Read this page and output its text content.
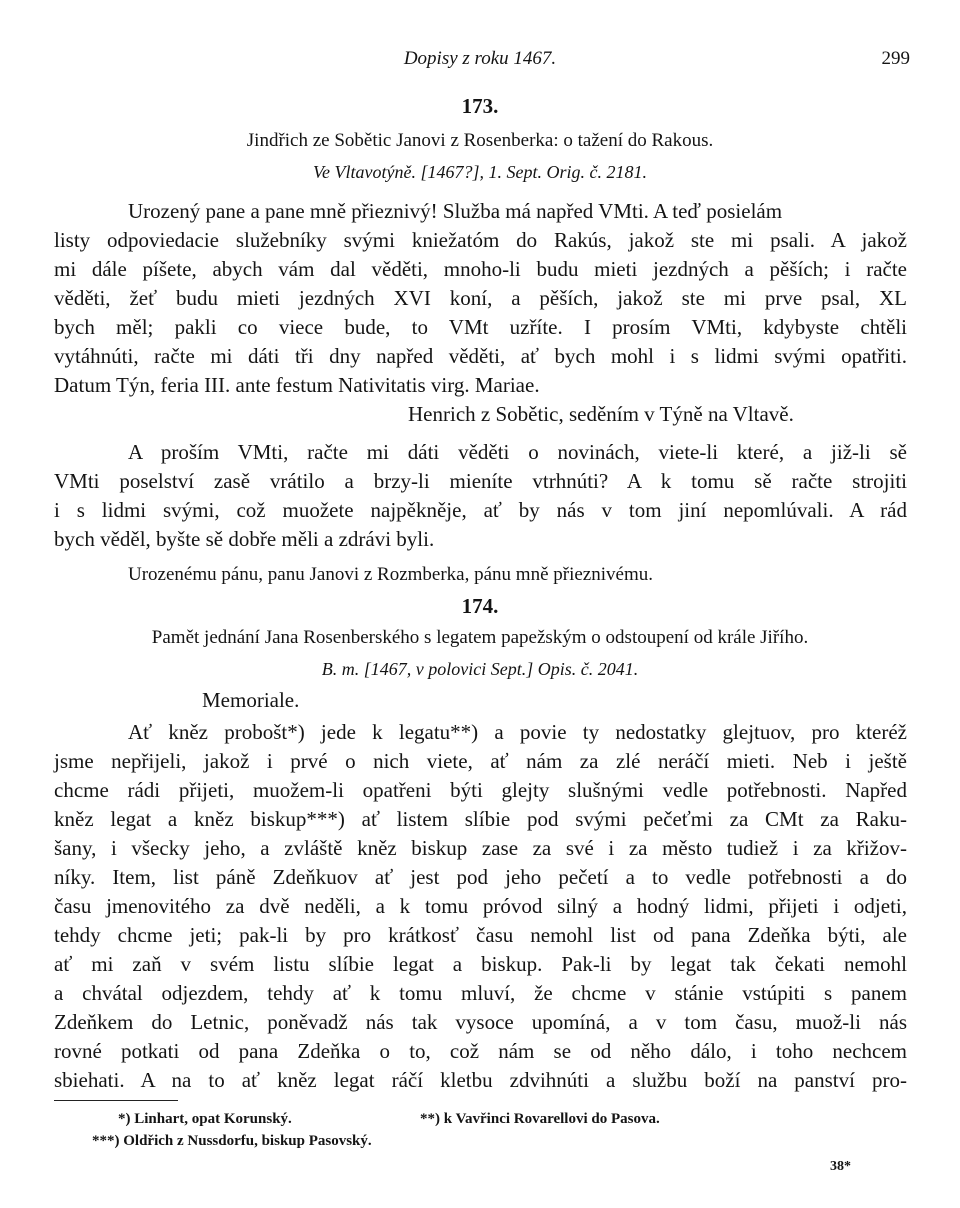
Dopisy z roku 1467.	299
173.
Jindřich ze Sobětic Janovi z Rosenberka: o tažení do Rakous.
Ve Vltavotýně. [1467?], 1. Sept. Orig. č. 2181.
Urozený pane a pane mně přieznivý! Služba má napřed VMti. A teď posielám
listy odpoviedacie služebníky svými kniežatóm do Rakús, jakož ste mi psali. A jakož
mi dále píšete, abych vám dal věděti, mnoho-li budu mieti jezdných a pěších; i račte
věděti, žeť budu mieti jezdných XVI koní, a pěších, jakož ste mi prve psal, XL
bych měl; pakli co viece bude, to VMt uzříte. I prosím VMti, kdybyste chtěli
vytáhnúti, račte mi dáti tři dny napřed věděti, ať bych mohl i s lidmi svými opatřiti.
Datum Týn, feria III. ante festum Nativitatis virg. Mariae.
Henrich z Sobětic, seděním v Týně na Vltavě.
A proším VMti, račte mi dáti věděti o novinách, viete-li které, a již-li sě
VMti poselství zasě vrátilo a brzy-li mieníte vtrhnúti? A k tomu sě račte strojiti
i s lidmi svými, což muožete najpěkněje, ať by nás v tom jiní nepomlúvali. A rád
bych věděl, byšte sě dobře měli a zdrávi byli.
Urozenému pánu, panu Janovi z Rozmberka, pánu mně přieznivému.
174.
Pamět jednání Jana Rosenberského s legatem papežským o odstoupení od krále Jiřího.
B. m. [1467, v polovici Sept.] Opis. č. 2041.
Memoriale.
Ať kněz probošt*) jede k legatu**) a povie ty nedostatky glejtuov, pro kteréž
jsme nepřijeli, jakož i prvé o nich viete, ať nám za zlé neráčí mieti. Neb i ještě
chcme rádi přijeti, muožem-li opatřeni býti glejty slušnými vedle potřebnosti. Napřed
kněz legat a kněz biskup***) ať listem slíbie pod svými pečeťmi za CMt za Raku-
šany, i všecky jeho, a zvláště kněz biskup zase za své i za město tudiež i za křižov-
níky. Item, list páně Zdeňkuov ať jest pod jeho pečetí a to vedle potřebnosti a do
času jmenovitého za dvě neděli, a k tomu próvod silný a hodný lidmi, přijeti i odjeti,
tehdy chcme jeti; pak-li by pro krátkosť času nemohl list od pana Zdeňka býti, ale
ať mi zaň v svém listu slíbie legat a biskup. Pak-li by legat tak čekati nemohl
a chvátal odjezdem, tehdy ať k tomu mluví, že chcme v stánie vstúpiti s panem
Zdeňkem do Letnic, poněvadž nás tak vysoce upomíná, a v tom času, muož-li nás
rovné potkati od pana Zdeňka o to, což nám se od něho dálo, i toho nechcem
sbiehati. A na to ať kněz legat ráčí kletbu zdvihnúti a službu boží na panství pro-
*) Linhart, opat Korunský.	**) k Vavřinci Rovarellovi do Pasova.
***) Oldřich z Nussdorfu, biskup Pasovský.
38*
